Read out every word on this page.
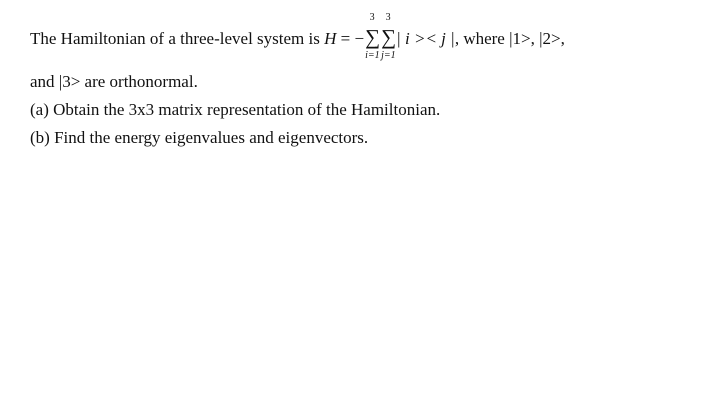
The Hamiltonian of a three-level system is H = −
3
∑
i=1
3
∑
j=1
| i >< j |, where |1>, |2>,
and |3> are orthonormal.
(a) Obtain the 3x3 matrix representation of the Hamiltonian.
(b) Find the energy eigenvalues and eigenvectors.
